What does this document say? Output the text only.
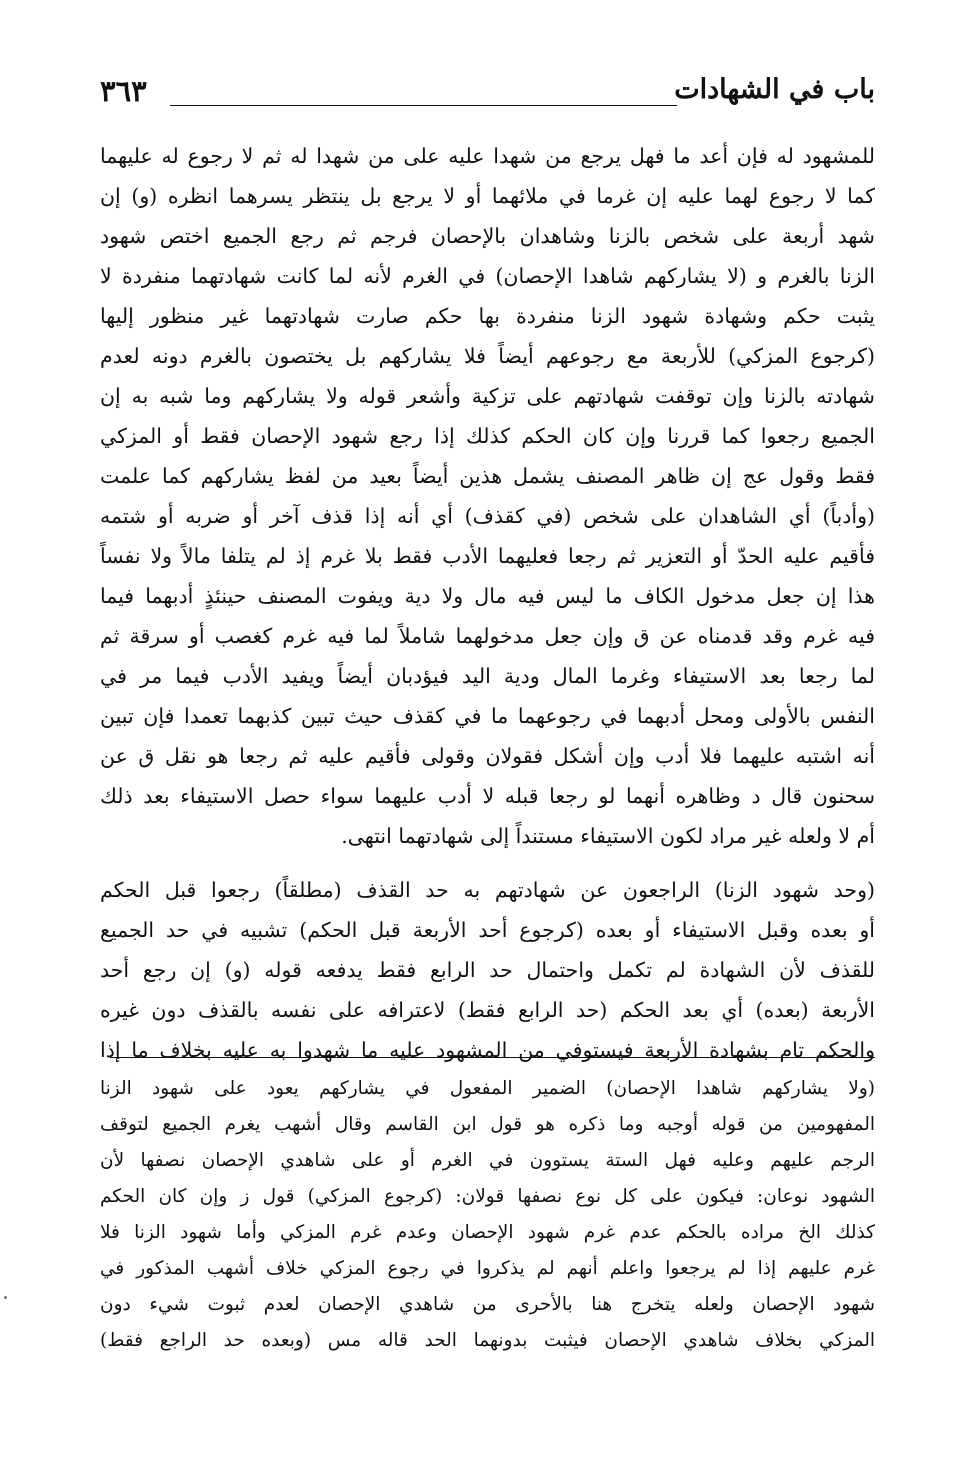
باب في الشهادات
٣٦٣
للمشهود له فإن أعد ما فهل يرجع من شهدا عليه على من شهدا له ثم لا رجوع له عليهما
كما لا رجوع لهما عليه إن غرما في ملائهما أو لا يرجع بل ينتظر يسرهما انظره (و) إن
شهد أربعة على شخص بالزنا وشاهدان بالإحصان فرجم ثم رجع الجميع اختص شهود
الزنا بالغرم و (لا يشاركهم شاهدا الإحصان) في الغرم لأنه لما كانت شهادتهما منفردة لا
يثبت حكم وشهادة شهود الزنا منفردة بها حكم صارت شهادتهما غير منظور إليها
(كرجوع المزكي) للأربعة مع رجوعهم أيضاً فلا يشاركهم بل يختصون بالغرم دونه لعدم
شهادته بالزنا وإن توقفت شهادتهم على تزكية وأشعر قوله ولا يشاركهم وما شبه به إن
الجميع رجعوا كما قررنا وإن كان الحكم كذلك إذا رجع شهود الإحصان فقط أو المزكي
فقط وقول عج إن ظاهر المصنف يشمل هذين أيضاً بعيد من لفظ يشاركهم كما علمت
(وأدباً) أي الشاهدان على شخص (في كقذف) أي أنه إذا قذف آخر أو ضربه أو شتمه
فأقيم عليه الحدّ أو التعزير ثم رجعا فعليهما الأدب فقط بلا غرم إذ لم يتلفا مالاً ولا نفساً
هذا إن جعل مدخول الكاف ما ليس فيه مال ولا دية ويفوت المصنف حينئذٍ أدبهما فيما
فيه غرم وقد قدمناه عن ق وإن جعل مدخولهما شاملاً لما فيه غرم كغصب أو سرقة ثم
لما رجعا بعد الاستيفاء وغرما المال ودية اليد فيؤدبان أيضاً ويفيد الأدب فيما مر في
النفس بالأولى ومحل أدبهما في رجوعهما ما في كقذف حيث تبين كذبهما تعمدا فإن تبين
أنه اشتبه عليهما فلا أدب وإن أشكل فقولان وقولى فأقيم عليه ثم رجعا هو نقل ق عن
سحنون قال د وظاهره أنهما لو رجعا قبله لا أدب عليهما سواء حصل الاستيفاء بعد ذلك
أم لا ولعله غير مراد لكون الاستيفاء مستنداً إلى شهادتهما انتهى.
(وحد شهود الزنا) الراجعون عن شهادتهم به حد القذف (مطلقاً) رجعوا قبل الحكم
أو بعده وقبل الاستيفاء أو بعده (كرجوع أحد الأربعة قبل الحكم) تشبيه في حد الجميع
للقذف لأن الشهادة لم تكمل واحتمال حد الرابع فقط يدفعه قوله (و) إن رجع أحد
الأربعة (بعده) أي بعد الحكم (حد الرابع فقط) لاعترافه على نفسه بالقذف دون غيره
والحكم تام بشهادة الأربعة فيستوفي من المشهود عليه ما شهدوا به عليه بخلاف ما إذا
(ولا يشاركهم شاهدا الإحصان) الضمير المفعول في يشاركهم يعود على شهود الزنا
المفهومين من قوله أوجبه وما ذكره هو قول ابن القاسم وقال أشهب يغرم الجميع لتوقف
الرجم عليهم وعليه فهل الستة يستوون في الغرم أو على شاهدي الإحصان نصفها لأن
الشهود نوعان: فيكون على كل نوع نصفها قولان: (كرجوع المزكي) قول ز وإن كان الحكم
كذلك الخ مراده بالحكم عدم غرم شهود الإحصان وعدم غرم المزكي وأما شهود الزنا فلا
غرم عليهم إذا لم يرجعوا واعلم أنهم لم يذكروا في رجوع المزكي خلاف أشهب المذكور في
شهود الإحصان ولعله يتخرج هنا بالأحرى من شاهدي الإحصان لعدم ثبوت شيء دون
المزكي بخلاف شاهدي الإحصان فيثبت بدونهما الحد قاله مس (وبعده حد الراجع فقط)
